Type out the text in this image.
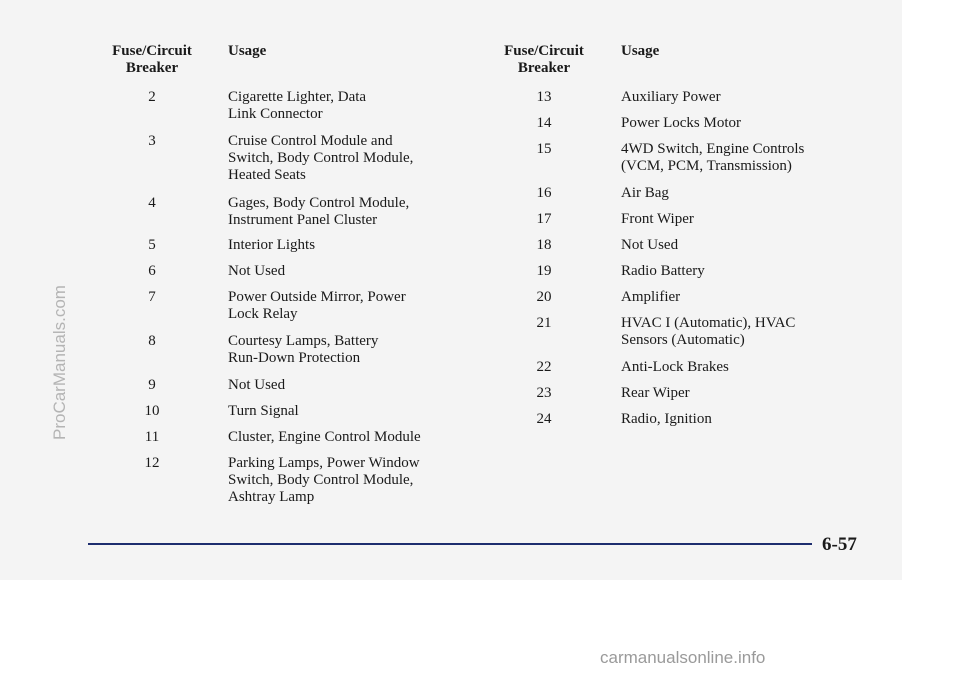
ProCarManuals.com
Fuse/Circuit
Breaker
Usage
2	Cigarette Lighter, Data
Link Connector
3	Cruise Control Module and
Switch, Body Control Module,
Heated Seats
4	Gages, Body Control Module,
Instrument Panel Cluster
5	Interior Lights
6	Not Used
7	Power Outside Mirror, Power
Lock Relay
8	Courtesy Lamps, Battery
Run-Down Protection
9	Not Used
10	Turn Signal
11	Cluster, Engine Control Module
12	Parking Lamps, Power Window
Switch, Body Control Module,
Ashtray Lamp
Fuse/Circuit
Breaker
Usage
13	Auxiliary Power
14	Power Locks Motor
15	4WD Switch, Engine Controls
(VCM, PCM, Transmission)
16	Air Bag
17	Front Wiper
18	Not Used
19	Radio Battery
20	Amplifier
21	HVAC I (Automatic), HVAC
Sensors (Automatic)
22	Anti-Lock Brakes
23	Rear Wiper
24	Radio, Ignition
6-57
carmanualsonline.info
